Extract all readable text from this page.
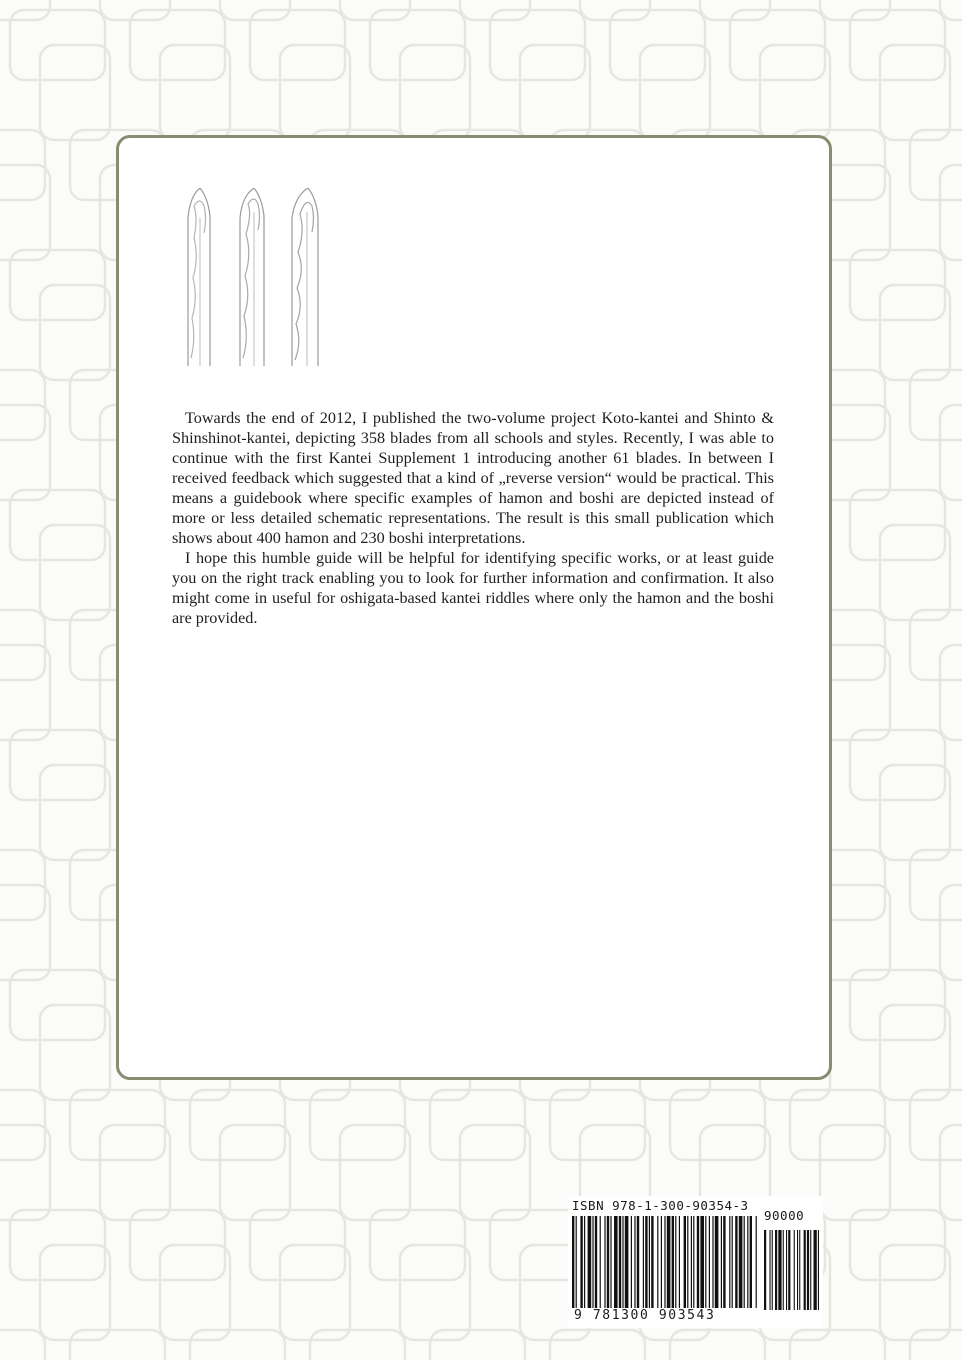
Towards the end of 2012, I published the two-volume project Koto-kantei and Shinto & Shinshinot-kantei, depicting 358 blades from all schools and styles. Recently, I was able to continue with the first Kantei Supplement 1 introducing another 61 blades. In between I received feedback which suggested that a kind of „reverse version“ would be practical. This means a guidebook where specific examples of hamon and boshi are depicted instead of more or less detailed schematic representations. The result is this small publication which shows about 400 hamon and 230 boshi interpretations.

I hope this humble guide will be helpful for identifying specific works, or at least guide you on the right track enabling you to look for further information and confirmation. It also might come in useful for oshigata-based kantei riddles where only the hamon and the boshi are provided.

ISBN 978-1-300-90354-3
90000
9 781300 903543
